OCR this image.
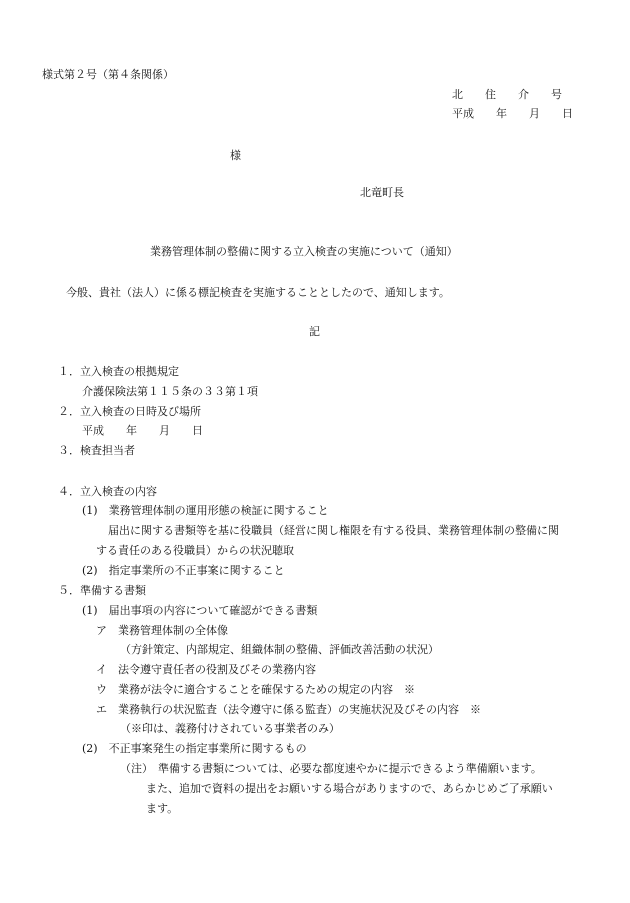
様式第２号（第４条関係）
北　　住　　介　　号
平成　　年　　月　　日
様
北竜町長
業務管理体制の整備に関する立入検査の実施について（通知）
今般、貴社（法人）に係る標記検査を実施することとしたので、通知します。
記
１．立入検査の根拠規定
介護保険法第１１５条の３３第１項
２．立入検査の日時及び場所
平成　　年　　月　　日
３．検査担当者
４．立入検査の内容
(1)　業務管理体制の運用形態の検証に関すること
届出に関する書類等を基に役職員（経営に関し権限を有する役員、業務管理体制の整備に関
する責任のある役職員）からの状況聴取
(2)　指定事業所の不正事案に関すること
５．準備する書類
(1)　届出事項の内容について確認ができる書類
ア　業務管理体制の全体像
（方針策定、内部規定、組織体制の整備、評価改善活動の状況）
イ　法令遵守責任者の役割及びその業務内容
ウ　業務が法令に適合することを確保するための規定の内容　※
エ　業務執行の状況監査（法令遵守に係る監査）の実施状況及びその内容　※
（※印は、義務付けされている事業者のみ）
(2)　不正事案発生の指定事業所に関するもの
（注） 準備する書類については、必要な都度速やかに提示できるよう準備願います。
また、追加で資料の提出をお願いする場合がありますので、あらかじめご了承願い
ます。
